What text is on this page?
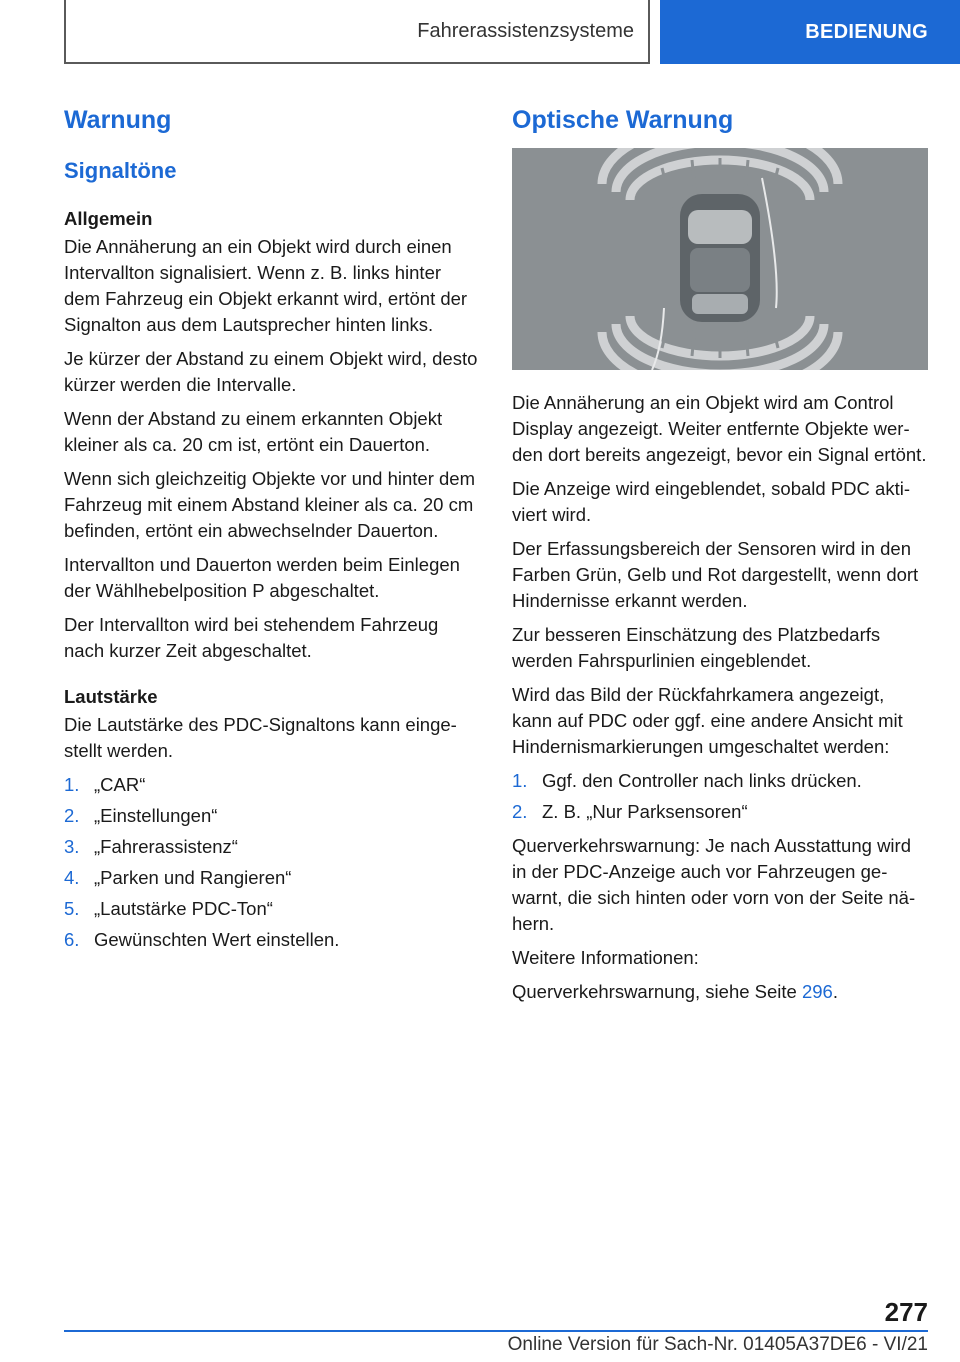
Fahrerassistenzsysteme	BEDIENUNG
Warnung
Signaltöne
Allgemein

Die Annäherung an ein Objekt wird durch einen Intervallton signalisiert. Wenn z. B. links hinter dem Fahrzeug ein Objekt erkannt wird, ertönt der Signalton aus dem Lautsprecher hinten links.

Je kürzer der Abstand zu einem Objekt wird, desto kürzer werden die Intervalle.

Wenn der Abstand zu einem erkannten Objekt kleiner als ca. 20 cm ist, ertönt ein Dauerton.

Wenn sich gleichzeitig Objekte vor und hinter dem Fahrzeug mit einem Abstand kleiner als ca. 20 cm befinden, ertönt ein abwechselnder Dauerton.

Intervallton und Dauerton werden beim Einlegen der Wählhebelposition P abgeschaltet.

Der Intervallton wird bei stehendem Fahrzeug nach kurzer Zeit abgeschaltet.

Lautstärke

Die Lautstärke des PDC-Signaltons kann eingestellt werden.

1. „CAR“
2. „Einstellungen“
3. „Fahrerassistenz“
4. „Parken und Rangieren“
5. „Lautstärke PDC-Ton“
6. Gewünschten Wert einstellen.
Optische Warnung

Die Annäherung an ein Objekt wird am Control Display angezeigt. Weiter entfernte Objekte werden dort bereits angezeigt, bevor ein Signal ertönt.

Die Anzeige wird eingeblendet, sobald PDC aktiviert wird.

Der Erfassungsbereich der Sensoren wird in den Farben Grün, Gelb und Rot dargestellt, wenn dort Hindernisse erkannt werden.

Zur besseren Einschätzung des Platzbedarfs werden Fahrspurlinien eingeblendet.

Wird das Bild der Rückfahrkamera angezeigt, kann auf PDC oder ggf. eine andere Ansicht mit Hindernismarkierungen umgeschaltet werden:

1. Ggf. den Controller nach links drücken.
2. Z. B. „Nur Parksensoren“

Querverkehrswarnung: Je nach Ausstattung wird in der PDC-Anzeige auch vor Fahrzeugen gewarnt, die sich hinten oder vorn von der Seite nähern.

Weitere Informationen:

Querverkehrswarnung, siehe Seite 296.

277
Online Version für Sach-Nr. 01405A37DE6 - VI/21
